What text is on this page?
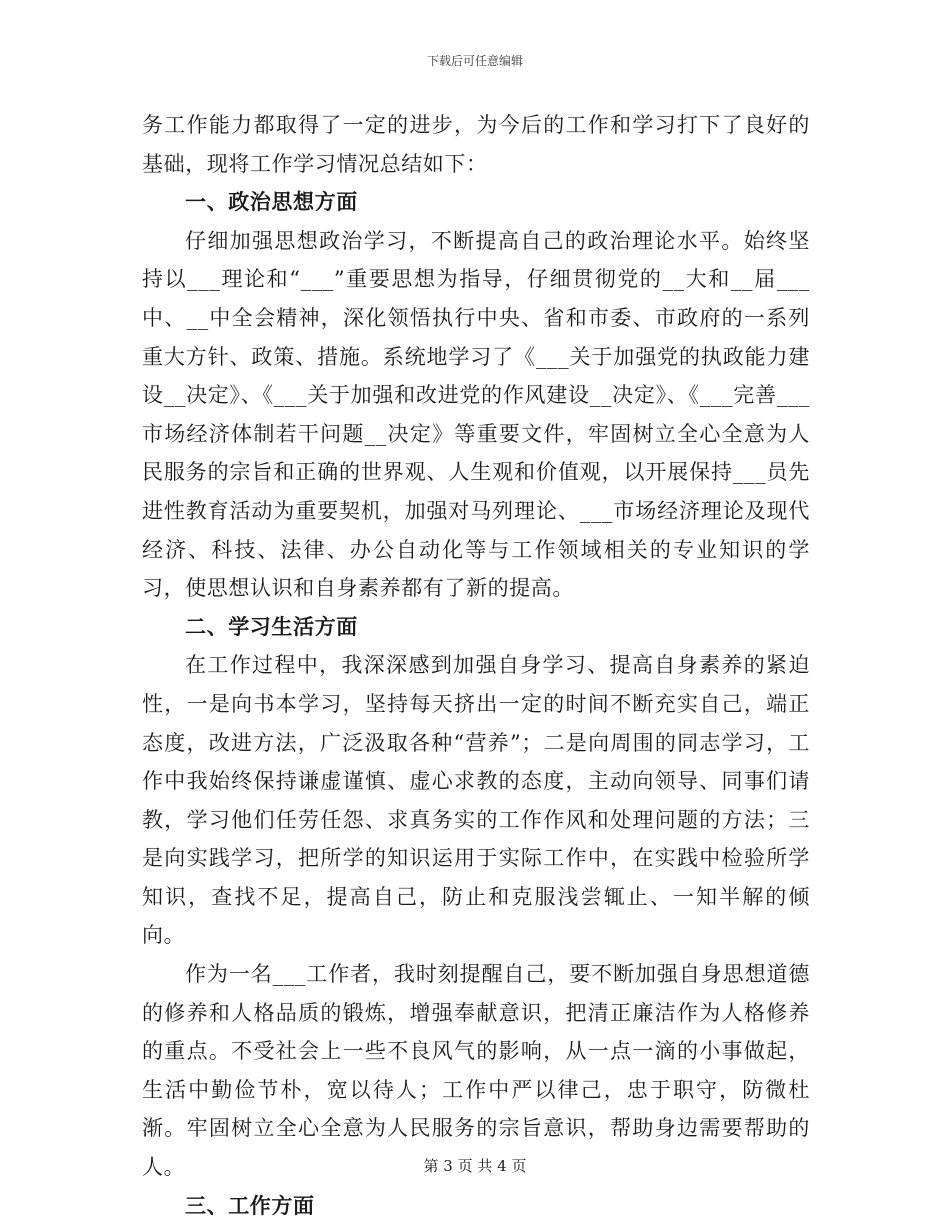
下载后可任意编辑

务工作能力都取得了一定的进步，为今后的工作和学习打下了良好的基础，现将工作学习情况总结如下：

一、政治思想方面

仔细加强思想政治学习，不断提高自己的政治理论水平。始终坚持以___理论和“___”重要思想为指导，仔细贯彻党的__大和__届___中、__中全会精神，深化领悟执行中央、省和市委、市政府的一系列重大方针、政策、措施。系统地学习了《___关于加强党的执政能力建设__决定》、《___关于加强和改进党的作风建设__决定》、《___完善___市场经济体制若干问题__决定》等重要文件，牢固树立全心全意为人民服务的宗旨和正确的世界观、人生观和价值观，以开展保持___员先进性教育活动为重要契机，加强对马列理论、___市场经济理论及现代经济、科技、法律、办公自动化等与工作领域相关的专业知识的学习，使思想认识和自身素养都有了新的提高。

二、学习生活方面

在工作过程中，我深深感到加强自身学习、提高自身素养的紧迫性，一是向书本学习，坚持每天挤出一定的时间不断充实自己，端正态度，改进方法，广泛汲取各种“营养”；二是向周围的同志学习，工作中我始终保持谦虚谨慎、虚心求教的态度，主动向领导、同事们请教，学习他们任劳任怨、求真务实的工作作风和处理问题的方法；三是向实践学习，把所学的知识运用于实际工作中，在实践中检验所学知识，查找不足，提高自己，防止和克服浅尝辄止、一知半解的倾向。

作为一名___工作者，我时刻提醒自己，要不断加强自身思想道德的修养和人格品质的锻炼，增强奉献意识，把清正廉洁作为人格修养的重点。不受社会上一些不良风气的影响，从一点一滴的小事做起，生活中勤俭节朴，宽以待人；工作中严以律己，忠于职守，防微杜渐。牢固树立全心全意为人民服务的宗旨意识，帮助身边需要帮助的人。

三、工作方面
第 3 页 共 4 页
